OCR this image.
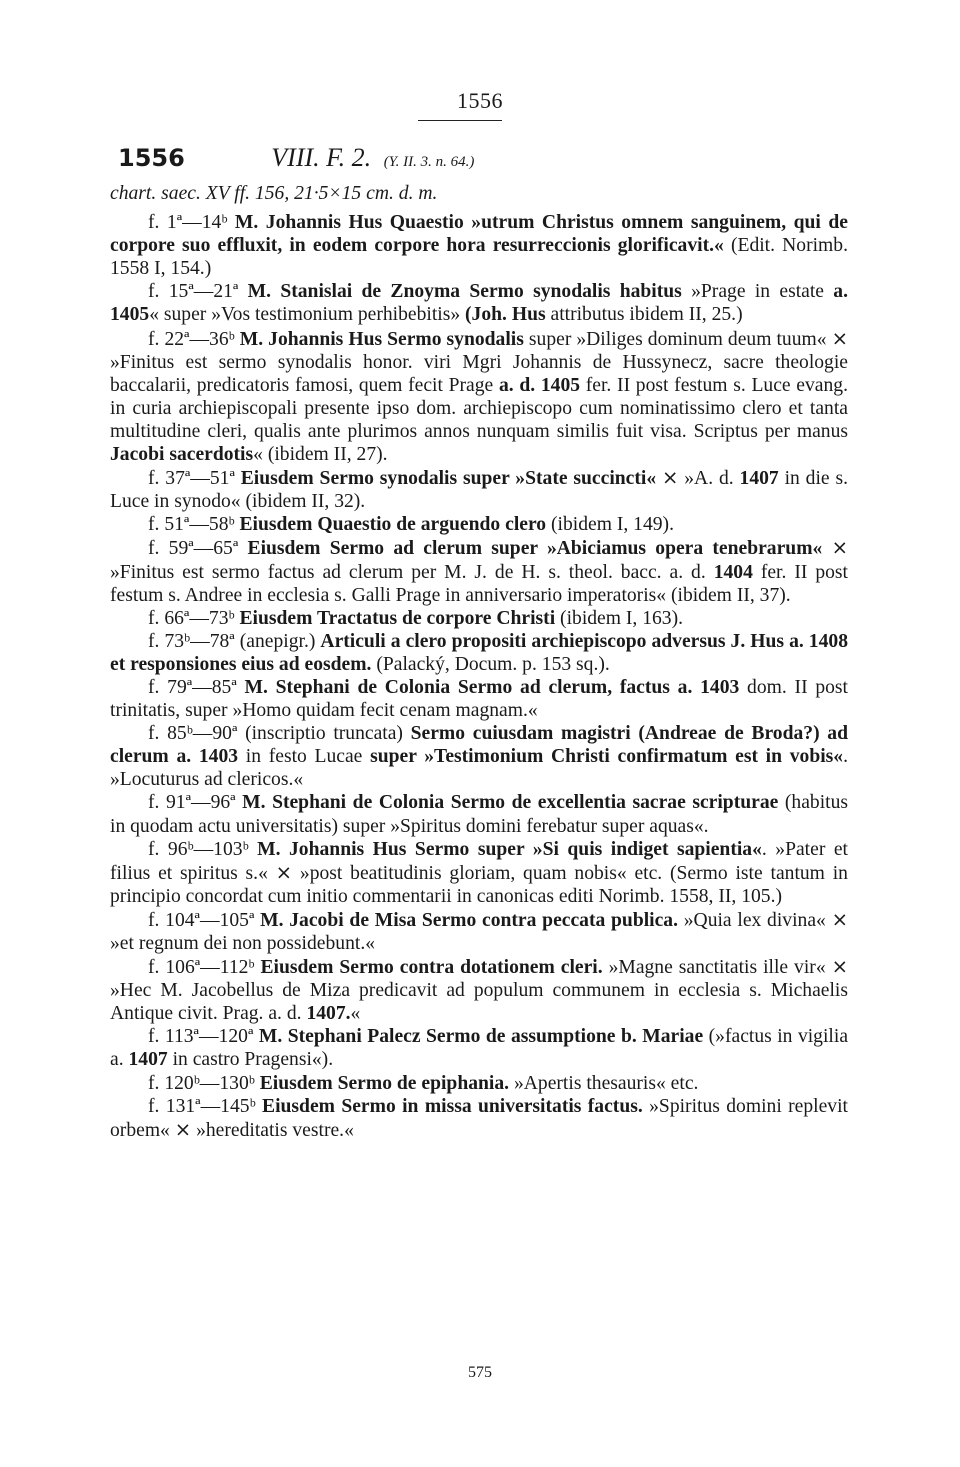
1556
1556	VIII. F. 2. (Y. II. 3. n. 64.)
chart. saec. XV ff. 156, 21·5×15 cm. d. m.

f. 1ª—14ᵇ M. Johannis Hus Quaestio »utrum Christus omnem sanguinem, qui de corpore suo effluxit, in eodem corpore hora resurreccionis glorificavit.« (Edit. Norimb. 1558 I, 154.)

f. 15ª—21ª M. Stanislai de Znoyma Sermo synodalis habitus »Prage in estate a. 1405« super »Vos testimonium perhibebitis» (Joh. Hus attributus ibidem II, 25.)

f. 22ª—36ᵇ M. Johannis Hus Sermo synodalis super »Diliges dominum deum tuum« × »Finitus est sermo synodalis honor. viri Mgri Johannis de Hussynecz, sacre theologie baccalarii, predicatoris famosi, quem fecit Prage a. d. 1405 fer. II post festum s. Luce evang. in curia archiepiscopali presente ipso dom. archiepiscopo cum nominatissimo clero et tanta multitudine cleri, qualis ante plurimos annos nunquam similis fuit visa. Scriptus per manus Jacobi sacerdotis« (ibidem II, 27).

f. 37ª—51ª Eiusdem Sermo synodalis super »State succincti« × »A. d. 1407 in die s. Luce in synodo« (ibidem II, 32).

f. 51ª—58ᵇ Eiusdem Quaestio de arguendo clero (ibidem I, 149).

f. 59ª—65ª Eiusdem Sermo ad clerum super »Abiciamus opera tenebrarum« × »Finitus est sermo factus ad clerum per M. J. de H. s. theol. bacc. a. d. 1404 fer. II post festum s. Andree in ecclesia s. Galli Prage in anniversario imperatoris« (ibidem II, 37).

f. 66ª—73ᵇ Eiusdem Tractatus de corpore Christi (ibidem I, 163).

f. 73ᵇ—78ª (anepigr.) Articuli a clero propositi archiepiscopo adversus J. Hus a. 1408 et responsiones eius ad eosdem. (Palacký, Docum. p. 153 sq.).

f. 79ª—85ª M. Stephani de Colonia Sermo ad clerum, factus a. 1403 dom. II post trinitatis, super »Homo quidam fecit cenam magnam.«

f. 85ᵇ—90ª (inscriptio truncata) Sermo cuiusdam magistri (Andreae de Broda?) ad clerum a. 1403 in festo Lucae super »Testimonium Christi confirmatum est in vobis«. »Locuturus ad clericos.«

f. 91ª—96ª M. Stephani de Colonia Sermo de excellentia sacrae scripturae (habitus in quodam actu universitatis) super »Spiritus domini ferebatur super aquas«.

f. 96ᵇ—103ᵇ M. Johannis Hus Sermo super »Si quis indiget sapientia«. »Pater et filius et spiritus s.« × »post beatitudinis gloriam, quam nobis« etc. (Sermo iste tantum in principio concordat cum initio commentarii in canonicas editi Norimb. 1558, II, 105.)

f. 104ª—105ª M. Jacobi de Misa Sermo contra peccata publica. »Quia lex divina« × »et regnum dei non possidebunt.«

f. 106ª—112ᵇ Eiusdem Sermo contra dotationem cleri. »Magne sanctitatis ille vir« × »Hec M. Jacobellus de Miza predicavit ad populum communem in ecclesia s. Michaelis Antique civit. Prag. a. d. 1407.«

f. 113ª—120ª M. Stephani Palecz Sermo de assumptione b. Mariae (»factus in vigilia a. 1407 in castro Pragensi«).

f. 120ᵇ—130ᵇ Eiusdem Sermo de epiphania. »Apertis thesauris« etc.

f. 131ª—145ᵇ Eiusdem Sermo in missa universitatis factus. »Spiritus domini replevit orbem« × »hereditatis vestre.«

575
